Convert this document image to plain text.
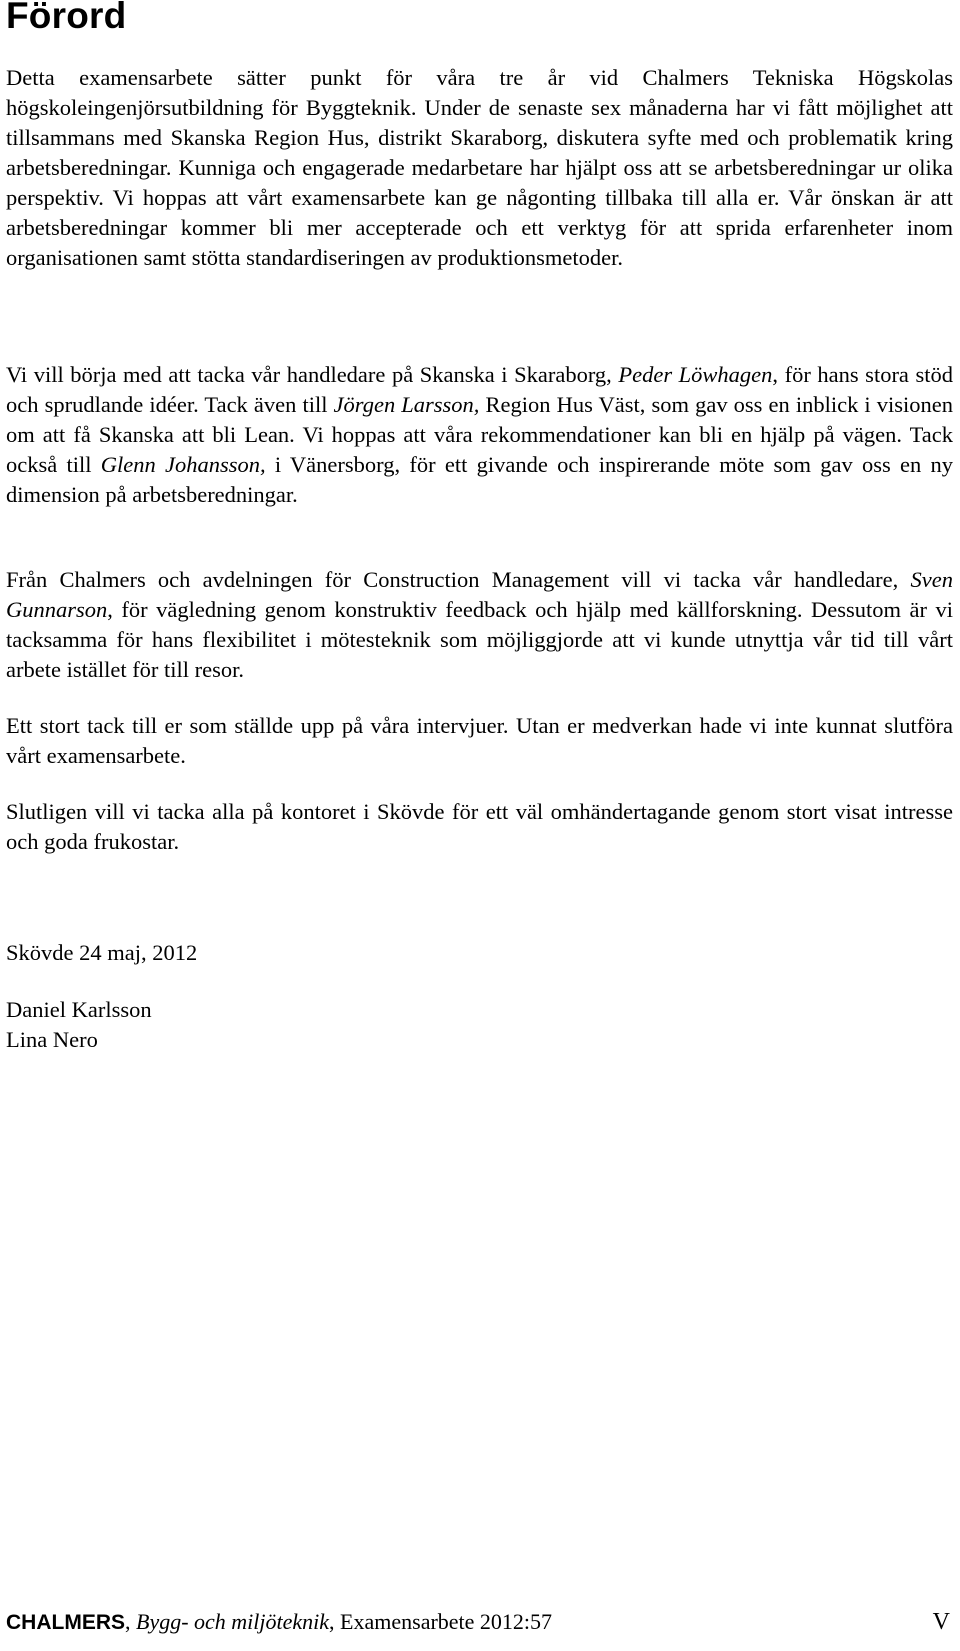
Förord

Detta examensarbete sätter punkt för våra tre år vid Chalmers Tekniska Högskolas högskoleingenjörsutbildning för Byggteknik. Under de senaste sex månaderna har vi fått möjlighet att tillsammans med Skanska Region Hus, distrikt Skaraborg, diskutera syfte med och problematik kring arbetsberedningar. Kunniga och engagerade medarbetare har hjälpt oss att se arbetsberedningar ur olika perspektiv. Vi hoppas att vårt examensarbete kan ge någonting tillbaka till alla er. Vår önskan är att arbetsberedningar kommer bli mer accepterade och ett verktyg för att sprida erfarenheter inom organisationen samt stötta standardiseringen av produktionsmetoder.

Vi vill börja med att tacka vår handledare på Skanska i Skaraborg, Peder Löwhagen, för hans stora stöd och sprudlande idéer. Tack även till Jörgen Larsson, Region Hus Väst, som gav oss en inblick i visionen om att få Skanska att bli Lean. Vi hoppas att våra rekommendationer kan bli en hjälp på vägen. Tack också till Glenn Johansson, i Vänersborg, för ett givande och inspirerande möte som gav oss en ny dimension på arbetsberedningar.

Från Chalmers och avdelningen för Construction Management vill vi tacka vår handledare, Sven Gunnarson, för vägledning genom konstruktiv feedback och hjälp med källforskning. Dessutom är vi tacksamma för hans flexibilitet i mötesteknik som möjliggjorde att vi kunde utnyttja vår tid till vårt arbete istället för till resor.

Ett stort tack till er som ställde upp på våra intervjuer. Utan er medverkan hade vi inte kunnat slutföra vårt examensarbete.

Slutligen vill vi tacka alla på kontoret i Skövde för ett väl omhändertagande genom stort visat intresse och goda frukostar.

Skövde 24 maj, 2012

Daniel Karlsson

Lina Nero

CHALMERS, Bygg- och miljöteknik, Examensarbete 2012:57	V
